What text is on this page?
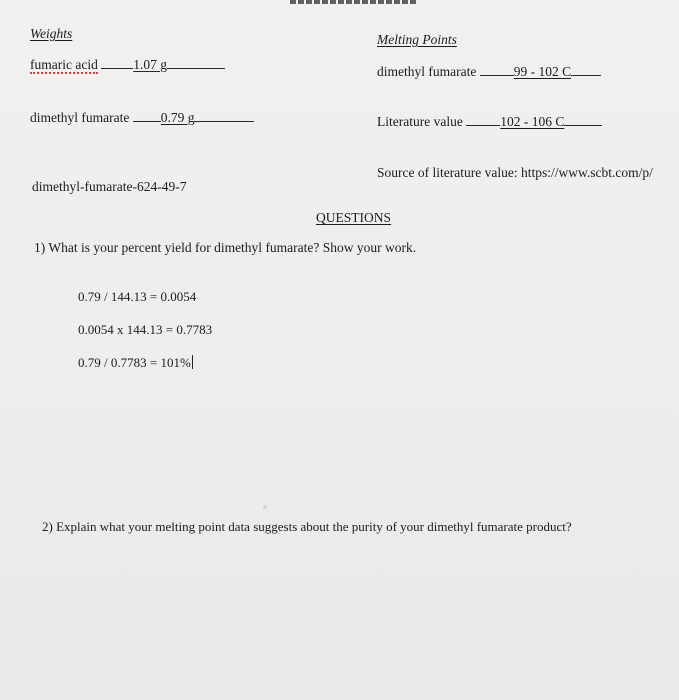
Weights
fumaric acid	1.07 g
dimethyl fumarate 0.79 g
Melting Points
dimethyl fumarate	99 - 102 C
Literature value	102 - 106 C
Source of literature value: https://www.scbt.com/p/
dimethyl-fumarate-624-49-7
QUESTIONS
1) What is your percent yield for dimethyl fumarate? Show your work.
0.79 / 144.13 = 0.0054
0.0054 x 144.13 = 0.7783
0.79 / 0.7783 = 101%
2) Explain what your melting point data suggests about the purity of your dimethyl fumarate product?
